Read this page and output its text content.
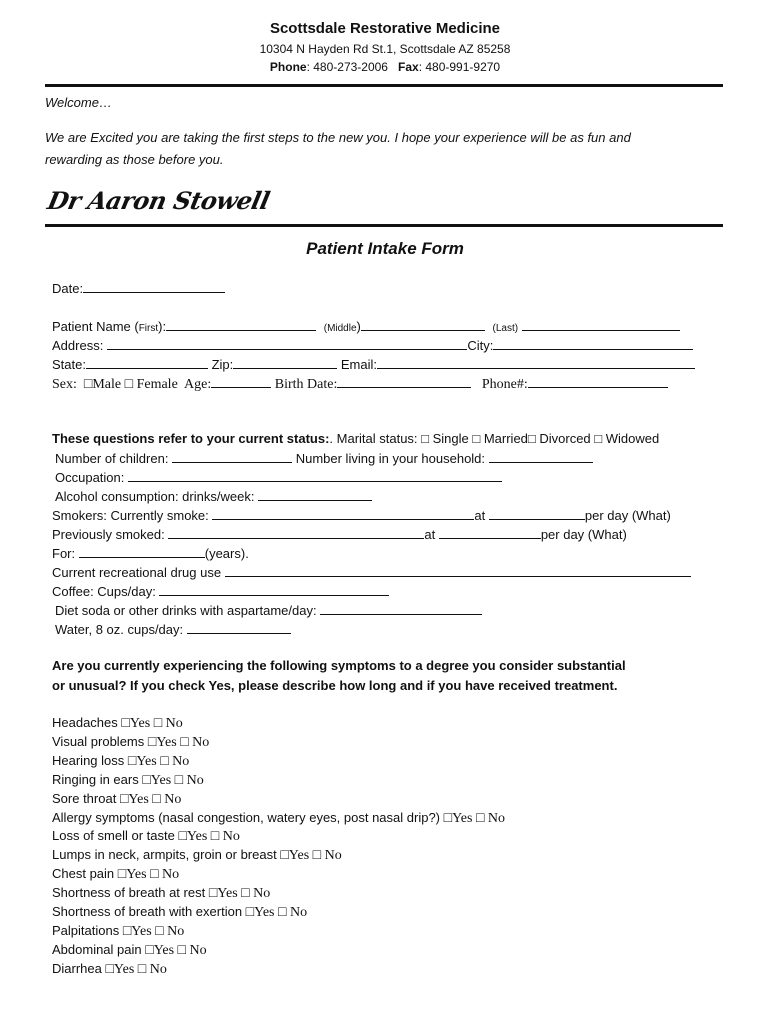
Scottsdale Restorative Medicine
10304 N Hayden Rd St.1, Scottsdale AZ 85258
Phone: 480-273-2006 Fax: 480-991-9270
Welcome…
We are Excited you are taking the first steps to the new you. I hope your experience will be as fun and
rewarding as those before you.
Dr Aaron Stowell
Patient Intake Form
Date:
Patient Name (First):	(Middle)	(Last)
Address:	City:
State:	Zip:	Email:
Sex: □Male □ Female Age:	Birth Date:	Phone#:
These questions refer to your current status:. Marital status: □ Single □ Married□ Divorced □ Widowed
Number of children:	Number living in your household:
Occupation:
Alcohol consumption: drinks/week:
Smokers: Currently smoke:	at	per day (What)
Previously smoked:	at	per day (What)
For:	(years).
Current recreational drug use
Coffee: Cups/day:
Diet soda or other drinks with aspartame/day:
Water, 8 oz. cups/day:
Are you currently experiencing the following symptoms to a degree you consider substantial
or unusual? If you check Yes, please describe how long and if you have received treatment.
Headaches □Yes □ No
Visual problems □Yes □ No
Hearing loss □Yes □ No
Ringing in ears □Yes □ No
Sore throat □Yes □ No
Allergy symptoms (nasal congestion, watery eyes, post nasal drip?) □Yes □ No
Loss of smell or taste □Yes □ No
Lumps in neck, armpits, groin or breast □Yes □ No
Chest pain □Yes □ No
Shortness of breath at rest □Yes □ No
Shortness of breath with exertion □Yes □ No
Palpitations □Yes □ No
Abdominal pain □Yes □ No
Diarrhea □Yes □ No
